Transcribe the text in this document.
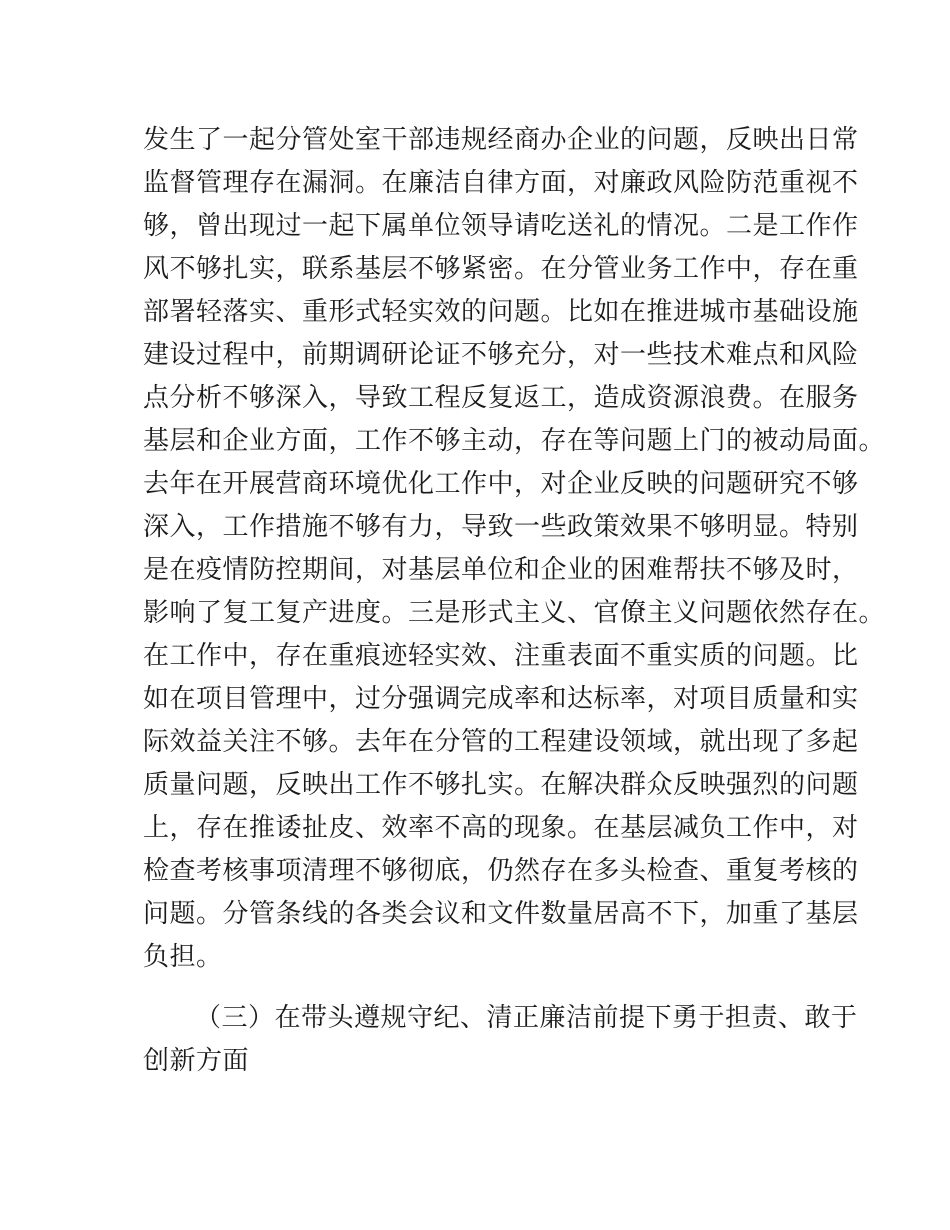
发生了一起分管处室干部违规经商办企业的问题，反映出日常
监督管理存在漏洞。在廉洁自律方面，对廉政风险防范重视不
够，曾出现过一起下属单位领导请吃送礼的情况。二是工作作
风不够扎实，联系基层不够紧密。在分管业务工作中，存在重
部署轻落实、重形式轻实效的问题。比如在推进城市基础设施
建设过程中，前期调研论证不够充分，对一些技术难点和风险
点分析不够深入，导致工程反复返工，造成资源浪费。在服务
基层和企业方面，工作不够主动，存在等问题上门的被动局面。
去年在开展营商环境优化工作中，对企业反映的问题研究不够
深入，工作措施不够有力，导致一些政策效果不够明显。特别
是在疫情防控期间，对基层单位和企业的困难帮扶不够及时，
影响了复工复产进度。三是形式主义、官僚主义问题依然存在。
在工作中，存在重痕迹轻实效、注重表面不重实质的问题。比
如在项目管理中，过分强调完成率和达标率，对项目质量和实
际效益关注不够。去年在分管的工程建设领域，就出现了多起
质量问题，反映出工作不够扎实。在解决群众反映强烈的问题
上，存在推诿扯皮、效率不高的现象。在基层减负工作中，对
检查考核事项清理不够彻底，仍然存在多头检查、重复考核的
问题。分管条线的各类会议和文件数量居高不下，加重了基层
负担。
（三）在带头遵规守纪、清正廉洁前提下勇于担责、敢于
创新方面
